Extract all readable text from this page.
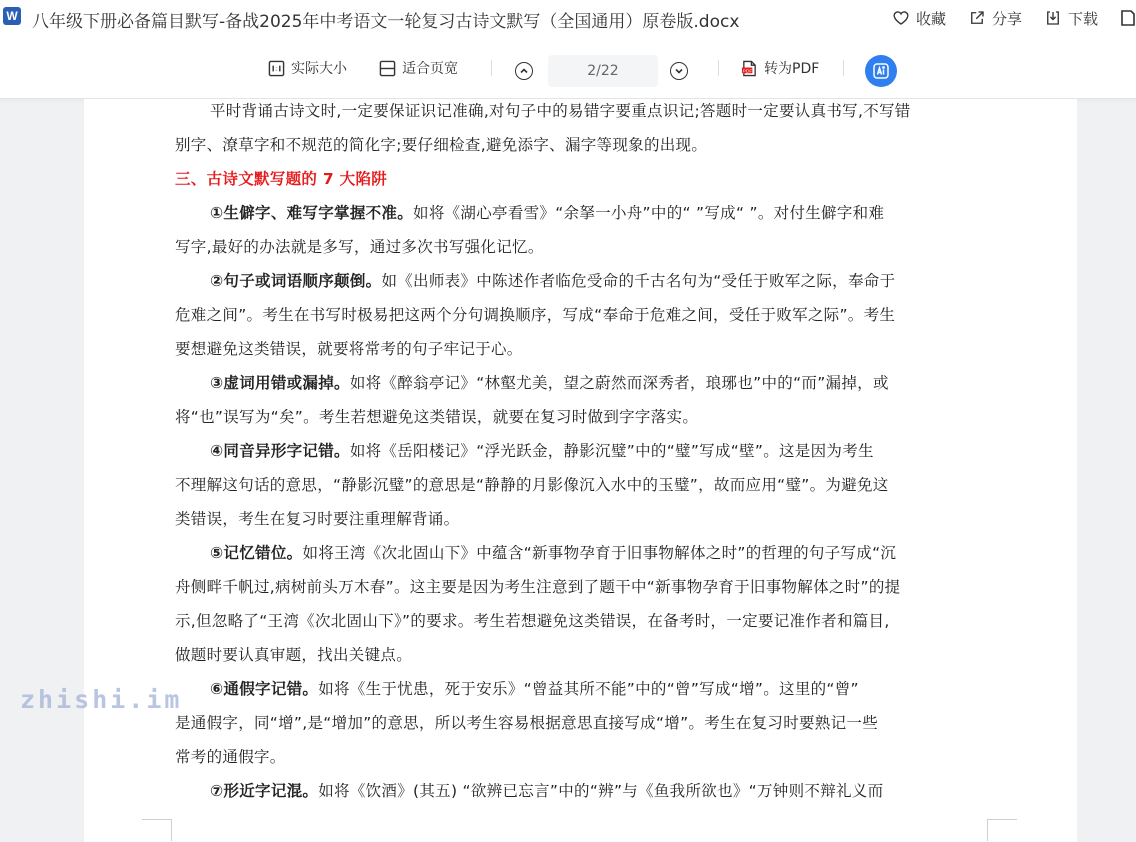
W 八年级下册必备篇目默写-备战2025年中考语文一轮复习古诗文默写（全国通用）原卷版.docx	收藏	分享	下载
实际大小	适合页宽	2/22	PDF 转为PDF
平时背诵古诗文时,一定要保证识记准确,对句子中的易错字要重点识记;答题时一定要认真书写,不写错
别字、潦草字和不规范的简化字;要仔细检查,避免添字、漏字等现象的出现。
三、古诗文默写题的 7 大陷阱
①生僻字、难写字掌握不准。如将《湖心亭看雪》“余拏一小舟”中的“ ”写成“ ”。对付生僻字和难
写字,最好的办法就是多写，通过多次书写强化记忆。
②句子或词语顺序颠倒。如《出师表》中陈述作者临危受命的千古名句为“受任于败军之际，奉命于
危难之间”。考生在书写时极易把这两个分句调换顺序，写成“奉命于危难之间，受任于败军之际”。考生
要想避免这类错误，就要将常考的句子牢记于心。
③虚词用错或漏掉。如将《醉翁亭记》“林壑尤美，望之蔚然而深秀者，琅琊也”中的“而”漏掉，或
将“也”误写为“矣”。考生若想避免这类错误，就要在复习时做到字字落实。
④同音异形字记错。如将《岳阳楼记》“浮光跃金，静影沉璧”中的“璧”写成“壁”。这是因为考生
不理解这句话的意思，“静影沉璧”的意思是“静静的月影像沉入水中的玉璧”，故而应用“璧”。为避免这
类错误，考生在复习时要注重理解背诵。
⑤记忆错位。如将王湾《次北固山下》中蕴含“新事物孕育于旧事物解体之时”的哲理的句子写成“沉
舟侧畔千帆过,病树前头万木春”。这主要是因为考生注意到了题干中“新事物孕育于旧事物解体之时”的提
示,但忽略了“王湾《次北固山下》”的要求。考生若想避免这类错误，在备考时，一定要记准作者和篇目,
做题时要认真审题，找出关键点。
⑥通假字记错。如将《生于忧患，死于安乐》“曾益其所不能”中的“曾”写成“增”。这里的“曾”
是通假字，同“增”,是“增加”的意思，所以考生容易根据意思直接写成“增”。考生在复习时要熟记一些
常考的通假字。
⑦形近字记混。如将《饮酒》(其五) “欲辨已忘言”中的“辨”与《鱼我所欲也》“万钟则不辩礼义而
zhishi.im
